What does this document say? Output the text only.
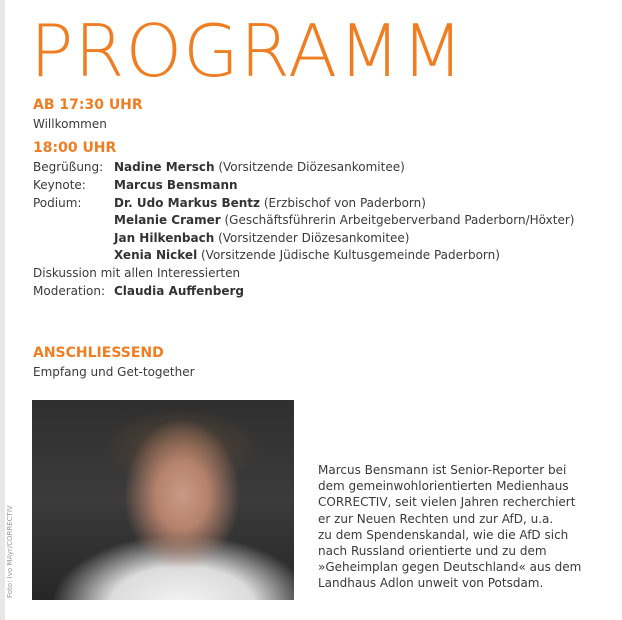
PROGRAMM
AB 17:30 UHR
Willkommen
18:00 UHR
Begrüßung: Nadine Mersch (Vorsitzende Diözesankomitee)
Keynote: Marcus Bensmann
Podium:	Dr. Udo Markus Bentz (Erzbischof von Paderborn)
Melanie Cramer (Geschäftsführerin Arbeitgeberverband Paderborn/Höxter)
Jan Hilkenbach (Vorsitzender Diözesankomitee)
Xenia Nickel (Vorsitzende Jüdische Kultusgemeinde Paderborn)
Diskussion mit allen Interessierten
Moderation: Claudia Auffenberg
ANSCHLIESSEND
Empfang und Get-together
Foto: Ivo MAyr/CORRECTIV
Marcus Bensmann ist Senior-Reporter bei
dem gemeinwohlorientierten Medienhaus
CORRECTIV, seit vielen Jahren recherchiert
er zur Neuen Rechten und zur AfD, u.a.
zu dem Spendenskandal, wie die AfD sich
nach Russland orientierte und zu dem
»Geheimplan gegen Deutschland« aus dem
Landhaus Adlon unweit von Potsdam.
